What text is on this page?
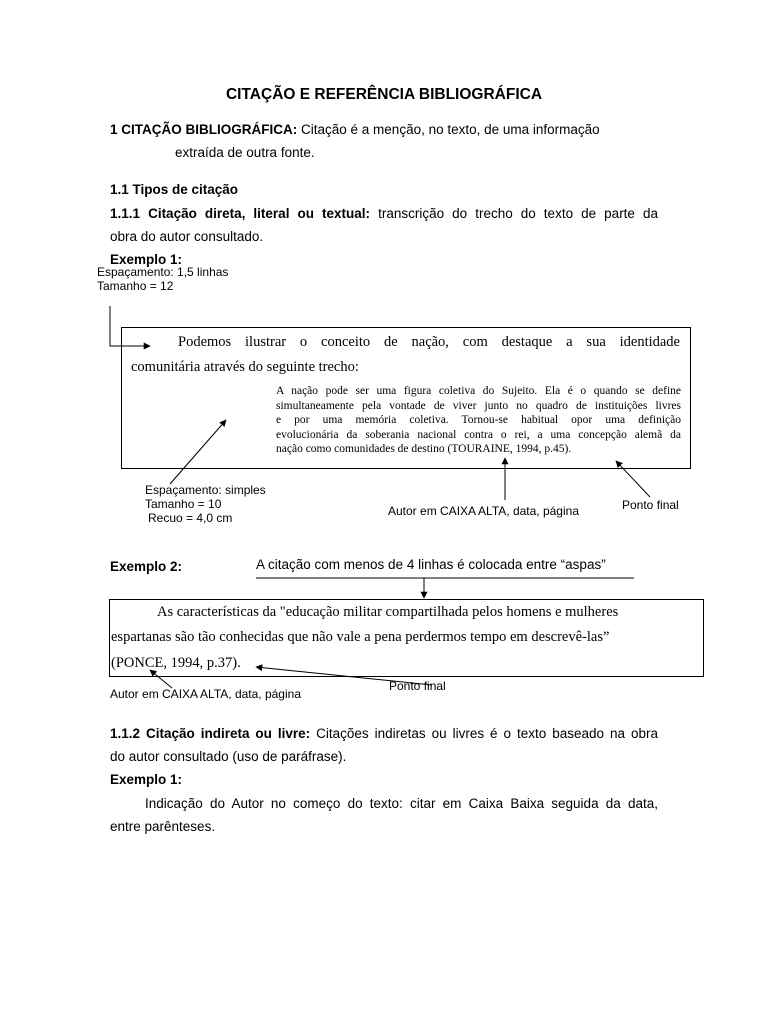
CITAÇÃO E REFERÊNCIA BIBLIOGRÁFICA
1 CITAÇÃO BIBLIOGRÁFICA: Citação é a menção, no texto, de uma informação
extraída de outra fonte.
1.1 Tipos de citação
1.1.1 Citação direta, literal ou textual: transcrição do trecho do texto de parte da
obra do autor consultado.
Exemplo 1:
Espaçamento: 1,5 linhas
Tamanho = 12
Podemos ilustrar o conceito de nação, com destaque a sua identidade
comunitária através do seguinte trecho:
A nação pode ser uma figura coletiva do Sujeito. Ela é o quando se define
simultaneamente pela vontade de viver junto no quadro de instituições livres
e por uma memória coletiva. Tornou-se habitual opor uma definição
evolucionária da soberania nacional contra o rei, a uma concepção alemã da
nação como comunidades de destino (TOURAINE, 1994, p.45).
Espaçamento: simples
Tamanho = 10
Recuo = 4,0 cm	Autor em CAIXA ALTA, data, página	Ponto final
Exemplo 2:	A citação com menos de 4 linhas é colocada entre “aspas”
As características da "educação militar compartilhada pelos homens e mulheres
espartanas são tão conhecidas que não vale a pena perdermos tempo em descrevê-las”
(PONCE, 1994, p.37).
Autor em CAIXA ALTA, data, página
Ponto final
1.1.2 Citação indireta ou livre: Citações indiretas ou livres é o texto baseado na obra
do autor consultado (uso de paráfrase).
Exemplo 1:
Indicação do Autor no começo do texto: citar em Caixa Baixa seguida da data,
entre parênteses.
